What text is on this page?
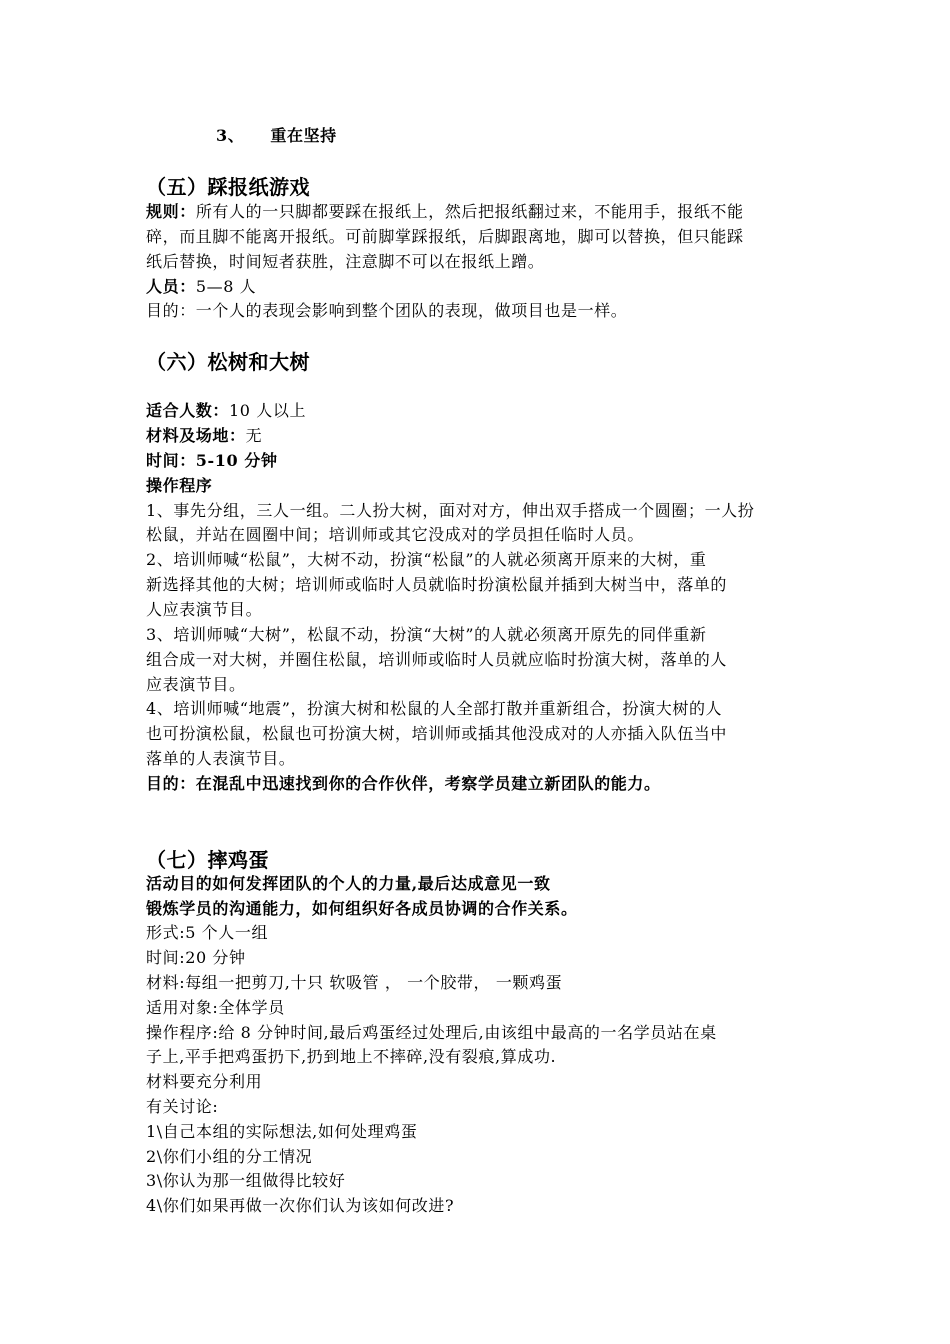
3、 重在坚持
（五）踩报纸游戏
规则：所有人的一只脚都要踩在报纸上，然后把报纸翻过来，不能用手，报纸不能
碎，而且脚不能离开报纸。可前脚掌踩报纸，后脚跟离地，脚可以替换，但只能踩
纸后替换，时间短者获胜，注意脚不可以在报纸上蹭。
人员：5—8 人
目的：一个人的表现会影响到整个团队的表现，做项目也是一样。
（六）松树和大树
适合人数：10 人以上
材料及场地：无
时间：5-10 分钟
操作程序
1、事先分组，三人一组。二人扮大树，面对对方，伸出双手搭成一个圆圈；一人扮
松鼠，并站在圆圈中间；培训师或其它没成对的学员担任临时人员。
2、培训师喊“松鼠”，大树不动，扮演“松鼠”的人就必须离开原来的大树，重
新选择其他的大树；培训师或临时人员就临时扮演松鼠并插到大树当中，落单的
人应表演节目。
3、培训师喊“大树”，松鼠不动，扮演“大树”的人就必须离开原先的同伴重新
组合成一对大树，并圈住松鼠，培训师或临时人员就应临时扮演大树，落单的人
应表演节目。
4、培训师喊“地震”，扮演大树和松鼠的人全部打散并重新组合，扮演大树的人
也可扮演松鼠，松鼠也可扮演大树，培训师或插其他没成对的人亦插入队伍当中
落单的人表演节目。
目的：在混乱中迅速找到你的合作伙伴，考察学员建立新团队的能力。
（七）摔鸡蛋
活动目的如何发挥团队的个人的力量,最后达成意见一致
锻炼学员的沟通能力，如何组织好各成员协调的合作关系。
形式:5 个人一组
时间:20 分钟
材料:每组一把剪刀,十只 软吸管 ， 一个胶带， 一颗鸡蛋
适用对象:全体学员
操作程序:给 8 分钟时间,最后鸡蛋经过处理后,由该组中最高的一名学员站在桌
子上,平手把鸡蛋扔下,扔到地上不摔碎,没有裂痕,算成功.
材料要充分利用
有关讨论:
1\自己本组的实际想法,如何处理鸡蛋
2\你们小组的分工情况
3\你认为那一组做得比较好
4\你们如果再做一次你们认为该如何改进?
